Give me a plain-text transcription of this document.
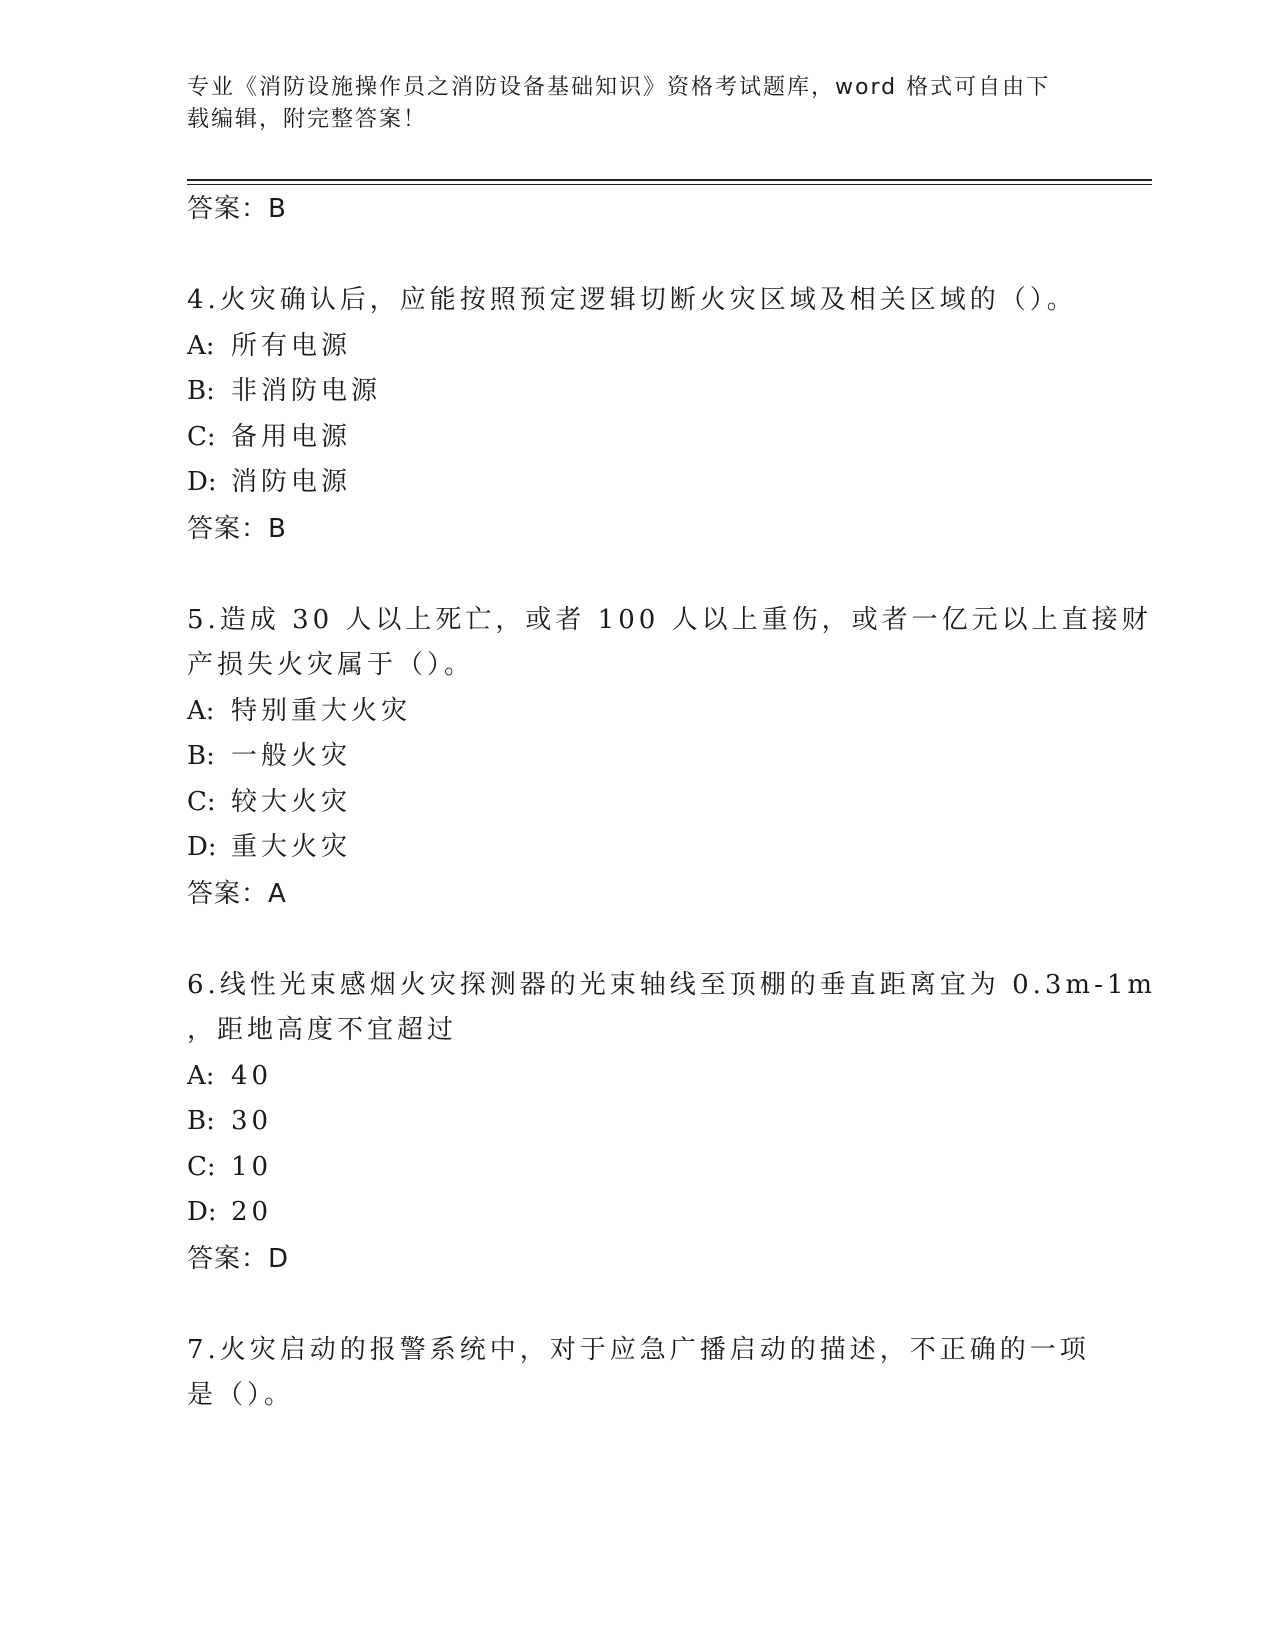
专业《消防设施操作员之消防设备基础知识》资格考试题库，word 格式可自由下
载编辑，附完整答案！
答案：B
4.火灾确认后，应能按照预定逻辑切断火灾区域及相关区域的（）。
A: 所有电源
B: 非消防电源
C: 备用电源
D: 消防电源
答案：B
5.造成 30 人以上死亡，或者 100 人以上重伤，或者一亿元以上直接财
产损失火灾属于（）。
A: 特别重大火灾
B: 一般火灾
C: 较大火灾
D: 重大火灾
答案：A
6.线性光束感烟火灾探测器的光束轴线至顶棚的垂直距离宜为 0.3m-1m
，距地高度不宜超过
A: 40
B: 30
C: 10
D: 20
答案：D
7.火灾启动的报警系统中，对于应急广播启动的描述，不正确的一项
是（）。
